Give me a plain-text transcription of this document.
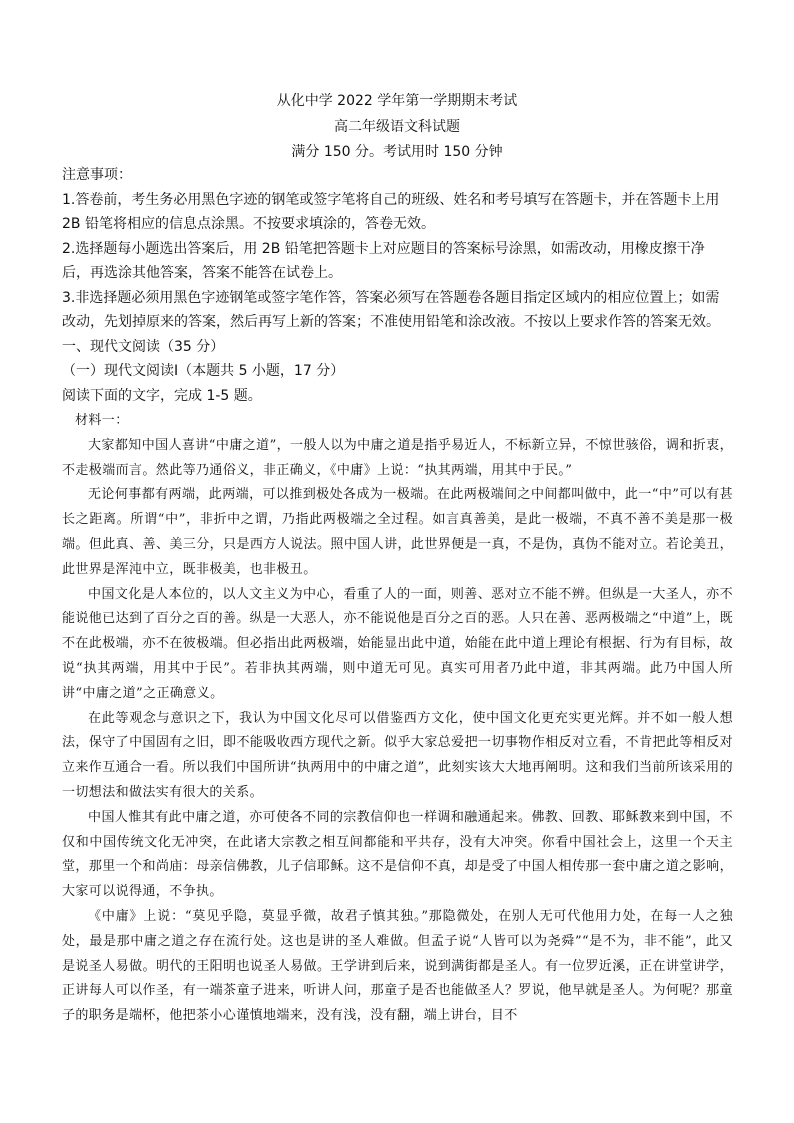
从化中学 2022 学年第一学期期末考试
高二年级语文科试题
满分 150 分。考试用时 150 分钟

注意事项：

1.答卷前，考生务必用黑色字迹的钢笔或签字笔将自己的班级、姓名和考号填写在答题卡，并在答题卡上用 2B 铅笔将相应的信息点涂黑。不按要求填涂的，答卷无效。

2.选择题每小题选出答案后，用 2B 铅笔把答题卡上对应题目的答案标号涂黑，如需改动，用橡皮擦干净后，再选涂其他答案，答案不能答在试卷上。

3.非选择题必须用黑色字迹钢笔或签字笔作答，答案必须写在答题卷各题目指定区域内的相应位置上；如需改动，先划掉原来的答案，然后再写上新的答案；不准使用铅笔和涂改液。不按以上要求作答的答案无效。

一、现代文阅读（35 分）

（一）现代文阅读Ⅰ（本题共 5 小题，17 分）

阅读下面的文字，完成 1-5 题。

材料一：

大家都知中国人喜讲“中庸之道”，一般人以为中庸之道是指乎易近人，不标新立异，不惊世骇俗，调和折衷，不走极端而言。然此等乃通俗义，非正确义，《中庸》上说：“执其两端，用其中于民。”

无论何事都有两端，此两端，可以推到极处各成为一极端。在此两极端间之中间都叫做中，此一“中”可以有甚长之距离。所谓“中”，非折中之谓，乃指此两极端之全过程。如言真善美，是此一极端，不真不善不美是那一极端。但此真、善、美三分，只是西方人说法。照中国人讲，此世界便是一真，不是伪，真伪不能对立。若论美丑，此世界是浑沌中立，既非极美，也非极丑。

中国文化是人本位的，以人文主义为中心，看重了人的一面，则善、恶对立不能不辨。但纵是一大圣人，亦不能说他已达到了百分之百的善。纵是一大恶人，亦不能说他是百分之百的恶。人只在善、恶两极端之“中道”上，既不在此极端，亦不在彼极端。但必指出此两极端，始能显出此中道，始能在此中道上理论有根据、行为有目标，故说“执其两端，用其中于民”。若非执其两端，则中道无可见。真实可用者乃此中道，非其两端。此乃中国人所讲“中庸之道”之正确意义。

在此等观念与意识之下，我认为中国文化尽可以借鉴西方文化，使中国文化更充实更光辉。并不如一般人想法，保守了中国固有之旧，即不能吸收西方现代之新。似乎大家总爱把一切事物作相反对立看，不肯把此等相反对立来作互通合一看。所以我们中国所讲“执两用中的中庸之道”，此刻实该大大地再阐明。这和我们当前所该采用的一切想法和做法实有很大的关系。

中国人惟其有此中庸之道，亦可使各不同的宗教信仰也一样调和融通起来。佛教、回教、耶稣教来到中国，不仅和中国传统文化无冲突，在此诸大宗教之相互间都能和平共存，没有大冲突。你看中国社会上，这里一个天主堂，那里一个和尚庙：母亲信佛教，儿子信耶稣。这不是信仰不真，却是受了中国人相传那一套中庸之道之影响，大家可以说得通，不争执。

《中庸》上说：“莫见乎隐，莫显乎微，故君子慎其独。”那隐微处，在别人无可代他用力处，在每一人之独处，最是那中庸之道之存在流行处。这也是讲的圣人难做。但孟子说“人皆可以为尧舜”“是不为，非不能”，此又是说圣人易做。明代的王阳明也说圣人易做。王学讲到后来，说到满街都是圣人。有一位罗近溪，正在讲堂讲学，正讲每人可以作圣，有一端茶童子进来，听讲人问，那童子是否也能做圣人？罗说，他早就是圣人。为何呢？那童子的职务是端杯，他把茶小心谨慎地端来，没有浅，没有翻，端上讲台，目不
